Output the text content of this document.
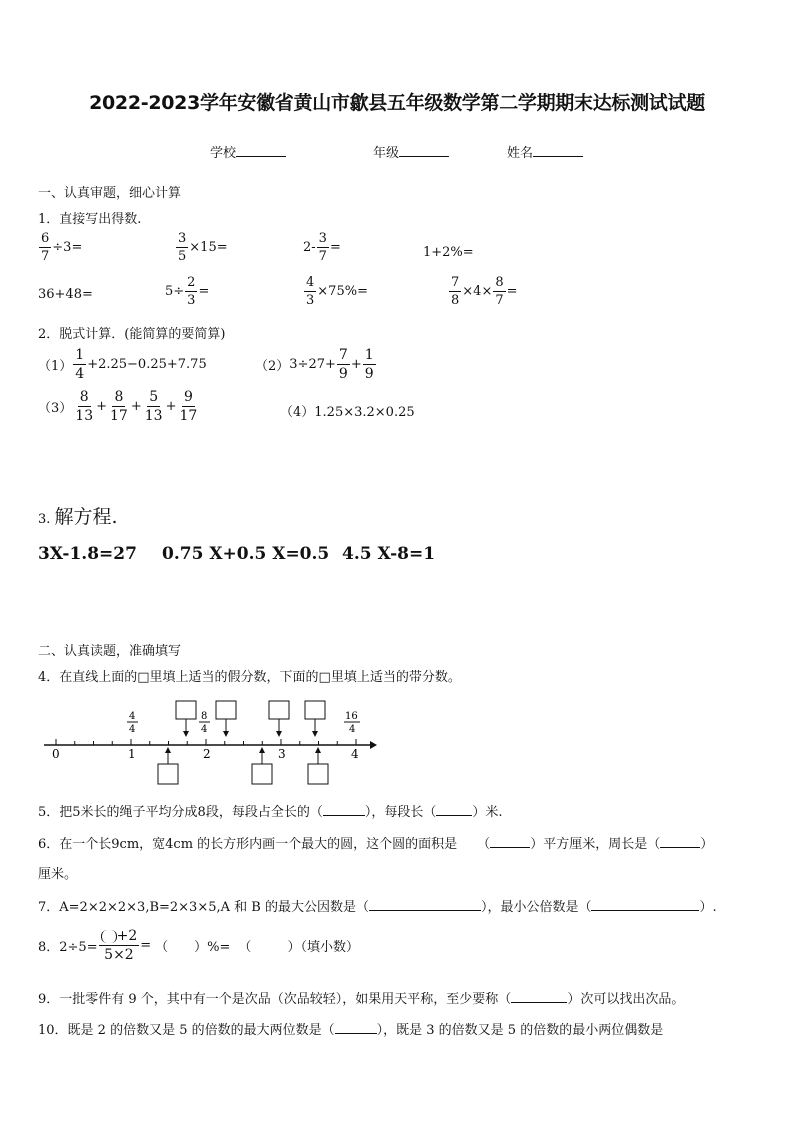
2022-2023学年安徽省黄山市歙县五年级数学第二学期期末达标测试试题
学校	年级	姓名
一、认真审题，细心计算
1．直接写出得数.
$\frac{6}{7} \div 3=$	$\frac{3}{5} \times 15=$	$2- \frac{3}{7}$ =	1+2%=
36+48=	$5\div \frac{2}{3}$ =	$\frac{4}{3} \times 75\%=$	$\frac{7}{8} \times 4\times \frac{8}{7}$ =
2．脱式计算．(能简算的要简算)
（1）
1
4
+2.25−0.25+7.75	（2） $3\div 27+ \frac{7}{9} + \frac{1}{9}$
（3）
8
13
+ $\frac{8}{17} + \frac{5}{13} + \frac{9}{17}$	（4）1.25×3.2×0.25
3. 解方程.
3X-1.8=27 0.75 X+0.5 X=0.5 4.5 X-8=1
二、认真读题，准确填写
4．在直线上面的□里填上适当的假分数，下面的□里填上适当的带分数。
0	1	2	3	4
4
4
8
4
16
4
5．把5米长的绳子平均分成8段，每段占全长的（	），每段长（	）米.
6．在一个长9cm，宽4cm 的长方形内画一个最大的圆，这个圆的面积是 （	）平方厘米，周长是（	）
厘米。
7．A=2×2×2×3,B=2×3×5,A 和 B 的最大公因数是（	），最小公倍数是（	）.
8．$2\div 5= \frac{+2}{5\times 2}$ = （ ）%= （	）（填小数）
9．一批零件有 9 个，其中有一个是次品（次品较轻），如果用天平称，至少要称（	）次可以找出次品。
10．既是 2 的倍数又是 5 的倍数的最大两位数是（	），既是 3 的倍数又是 5 的倍数的最小两位偶数是
